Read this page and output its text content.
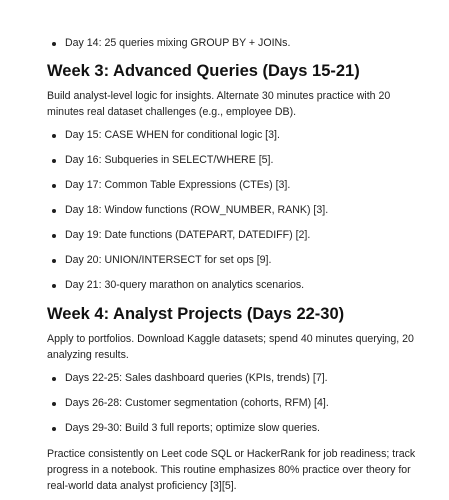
Day 14: 25 queries mixing GROUP BY + JOINs.
Week 3: Advanced Queries (Days 15-21)

Build analyst-level logic for insights. Alternate 30 minutes practice with 20 minutes real dataset challenges (e.g., employee DB).

Day 15: CASE WHEN for conditional logic [3].
Day 16: Subqueries in SELECT/WHERE [5].
Day 17: Common Table Expressions (CTEs) [3].
Day 18: Window functions (ROW_NUMBER, RANK) [3].
Day 19: Date functions (DATEPART, DATEDIFF) [2].
Day 20: UNION/INTERSECT for set ops [9].
Day 21: 30-query marathon on analytics scenarios.
Week 4: Analyst Projects (Days 22-30)

Apply to portfolios. Download Kaggle datasets; spend 40 minutes querying, 20 analyzing results.

Days 22-25: Sales dashboard queries (KPIs, trends) [7].
Days 26-28: Customer segmentation (cohorts, RFM) [4].
Days 29-30: Build 3 full reports; optimize slow queries.

Practice consistently on Leet code SQL or HackerRank for job readiness; track progress in a notebook. This routine emphasizes 80% practice over theory for real-world data analyst proficiency [3][5].
